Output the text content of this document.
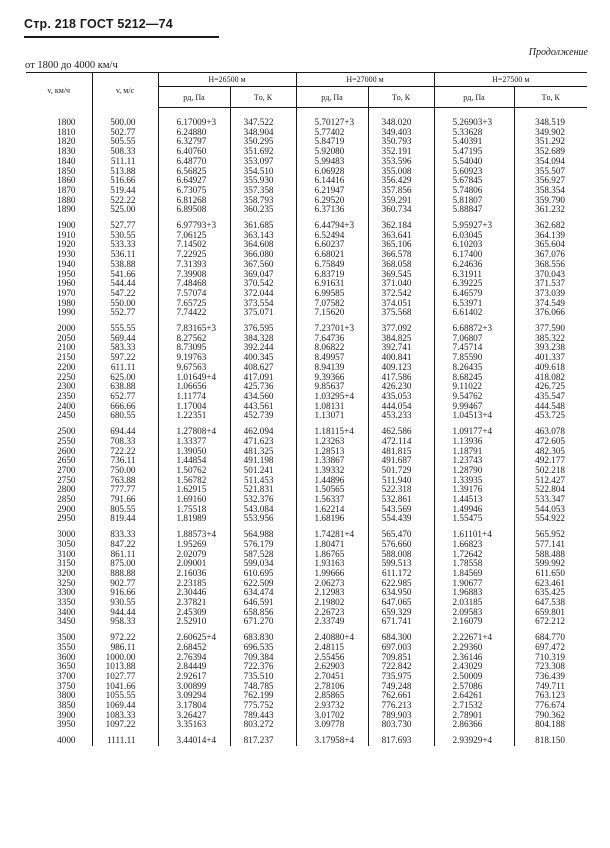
Стр. 218 ГОСТ 5212—74
Продолжение
от 1800 до 4000 км/ч
v, км/ч	v, м/с	H=26500 м		H=27000 м		H=27500 м	
		pд, Па	Tо, К	pд, Па	Tо, К	pд, Па	Tо, К
1800	500.00	6.17009+3	347.522	5.70127+3	348.020	5.26903+3	348.519
1810	502.77	6.24880	348.904	5.77402	349.403	5.33628	349.902
1820	505.55	6.32797	350.295	5.84719	350.793	5.40391	351.292
1830	508.33	6.40760	351.692	5.92080	352.191	5.47195	352.689
1840	511.11	6.48770	353.097	5.99483	353.596	5.54040	354.094
1850	513.88	6.56825	354.510	6.06928	355.008	5.60923	355.507
1860	516.66	6.64927	355.930	6.14416	356.429	5.67845	356.927
1870	519.44	6.73075	357.358	6.21947	357.856	5.74806	358.354
1880	522.22	6.81268	358.793	6.29520	359.291	5.81807	359.790
1890	525.00	6.89508	360.235	6.37136	360.734	5.88847	361.232
1900	527.77	6.97793+3	361.685	6.44794+3	362.184	5.95927+3	362.682
1910	530.55	7.06125	363.143	6.52494	363.641	6.03045	364.139
1920	533.33	7.14502	364.608	6.60237	365.106	6.10203	365.604
1930	536.11	7.22925	366.080	6.68021	366.578	6.17400	367.076
1940	538.88	7.31393	367.560	6.75849	368.058	6.24636	368.556
1950	541.66	7.39908	369.047	6.83719	369.545	6.31911	370.043
1960	544.44	7.48468	370.542	6.91631	371.040	6.39225	371.537
1970	547.22	7.57074	372.044	6.99585	372.542	6.46579	373.039
1980	550.00	7.65725	373.554	7.07582	374.051	6.53971	374.549
1990	552.77	7.74422	375.071	7.15620	375.568	6.61402	376.066
2000	555.55	7.83165+3	376.595	7.23701+3	377.092	6.68872+3	377.590
2050	569.44	8.27562	384.328	7.64736	384.825	7.06807	385.322
2100	583.33	8.73095	392.244	8.06822	392.741	7.45714	393.238
2150	597.22	9.19763	400.345	8.49957	400.841	7.85590	401.337
2200	611.11	9.67563	408.627	8.94139	409.123	8.26435	409.618
2250	625.00	1.01649+4	417.091	9.39366	417.586	8.68245	418.082
2300	638.88	1.06656	425.736	9.85637	426.230	9.11022	426.725
2350	652.77	1.11774	434.560	1.03295+4	435.053	9.54762	435.547
2400	666.66	1.17004	443.561	1.08131	444.054	9.99467	444.548
2450	680.55	1.22351	452.739	1.13071	453.233	1.04513+4	453.725
2500	694.44	1.27808+4	462.094	1.18115+4	462.586	1.09177+4	463.078
2550	708.33	1.33377	471.623	1.23263	472.114	1.13936	472.605
2600	722.22	1.39050	481.325	1.28513	481.815	1.18791	482.305
2650	736.11	1.44854	491.198	1.33867	491.687	1.23743	492.177
2700	750.00	1.50762	501.241	1.39332	501.729	1.28790	502.218
2750	763.88	1.56782	511.453	1.44896	511.940	1.33935	512.427
2800	777.77	1.62915	521.831	1.50565	522.318	1.39176	522.804
2850	791.66	1.69160	532.376	1.56337	532.861	1.44513	533.347
2900	805.55	1.75518	543.084	1.62214	543.569	1.49946	544.053
2950	819.44	1.81989	553.956	1.68196	554.439	1.55475	554.922
3000	833.33	1.88573+4	564.988	1.74281+4	565.470	1.61101+4	565.952
3050	847.22	1.95269	576.179	1.80471	576.660	1.66823	577.141
3100	861.11	2.02079	587.528	1.86765	588.008	1.72642	588.488
3150	875.00	2.09001	599.034	1.93163	599.513	1.78558	599.992
3200	888.88	2.16036	610.695	1.99666	611.172	1.84569	611.650
3250	902.77	2.23185	622.509	2.06273	622.985	1.90677	623.461
3300	916.66	2.30446	634.474	2.12983	634.950	1.96883	635.425
3350	930.55	2.37821	646.591	2.19802	647.065	2.03185	647.538
3400	944.44	2.45309	658.856	2.26723	659.329	2.09583	659.801
3450	958.33	2.52910	671.270	2.33749	671.741	2.16079	672.212
3500	972.22	2.60625+4	683.830	2.40880+4	684.300	2.22671+4	684.770
3550	986.11	2.68452	696.535	2.48115	697.003	2.29360	697.472
3600	1000.00	2.76394	709.384	2.55456	709.851	2.36146	710.319
3650	1013.88	2.84449	722.376	2.62903	722.842	2.43029	723.308
3700	1027.77	2.92617	735.510	2.70451	735.975	2.50009	736.439
3750	1041.66	3.00899	748.785	2.78106	749.248	2.57086	749.711
3800	1055.55	3.09294	762.199	2.85865	762.661	2.64261	763.123
3850	1069.44	3.17804	775.752	2.93732	776.213	2.71532	776.674
3900	1083.33	3.26427	789.443	3.01702	789.903	2.78901	790.362
3950	1097.22	3.35163	803.272	3.09778	803.730	2.86366	804.188
4000	1111.11	3.44014+4	817.237	3.17958+4	817.693	2.93929+4	818.150
